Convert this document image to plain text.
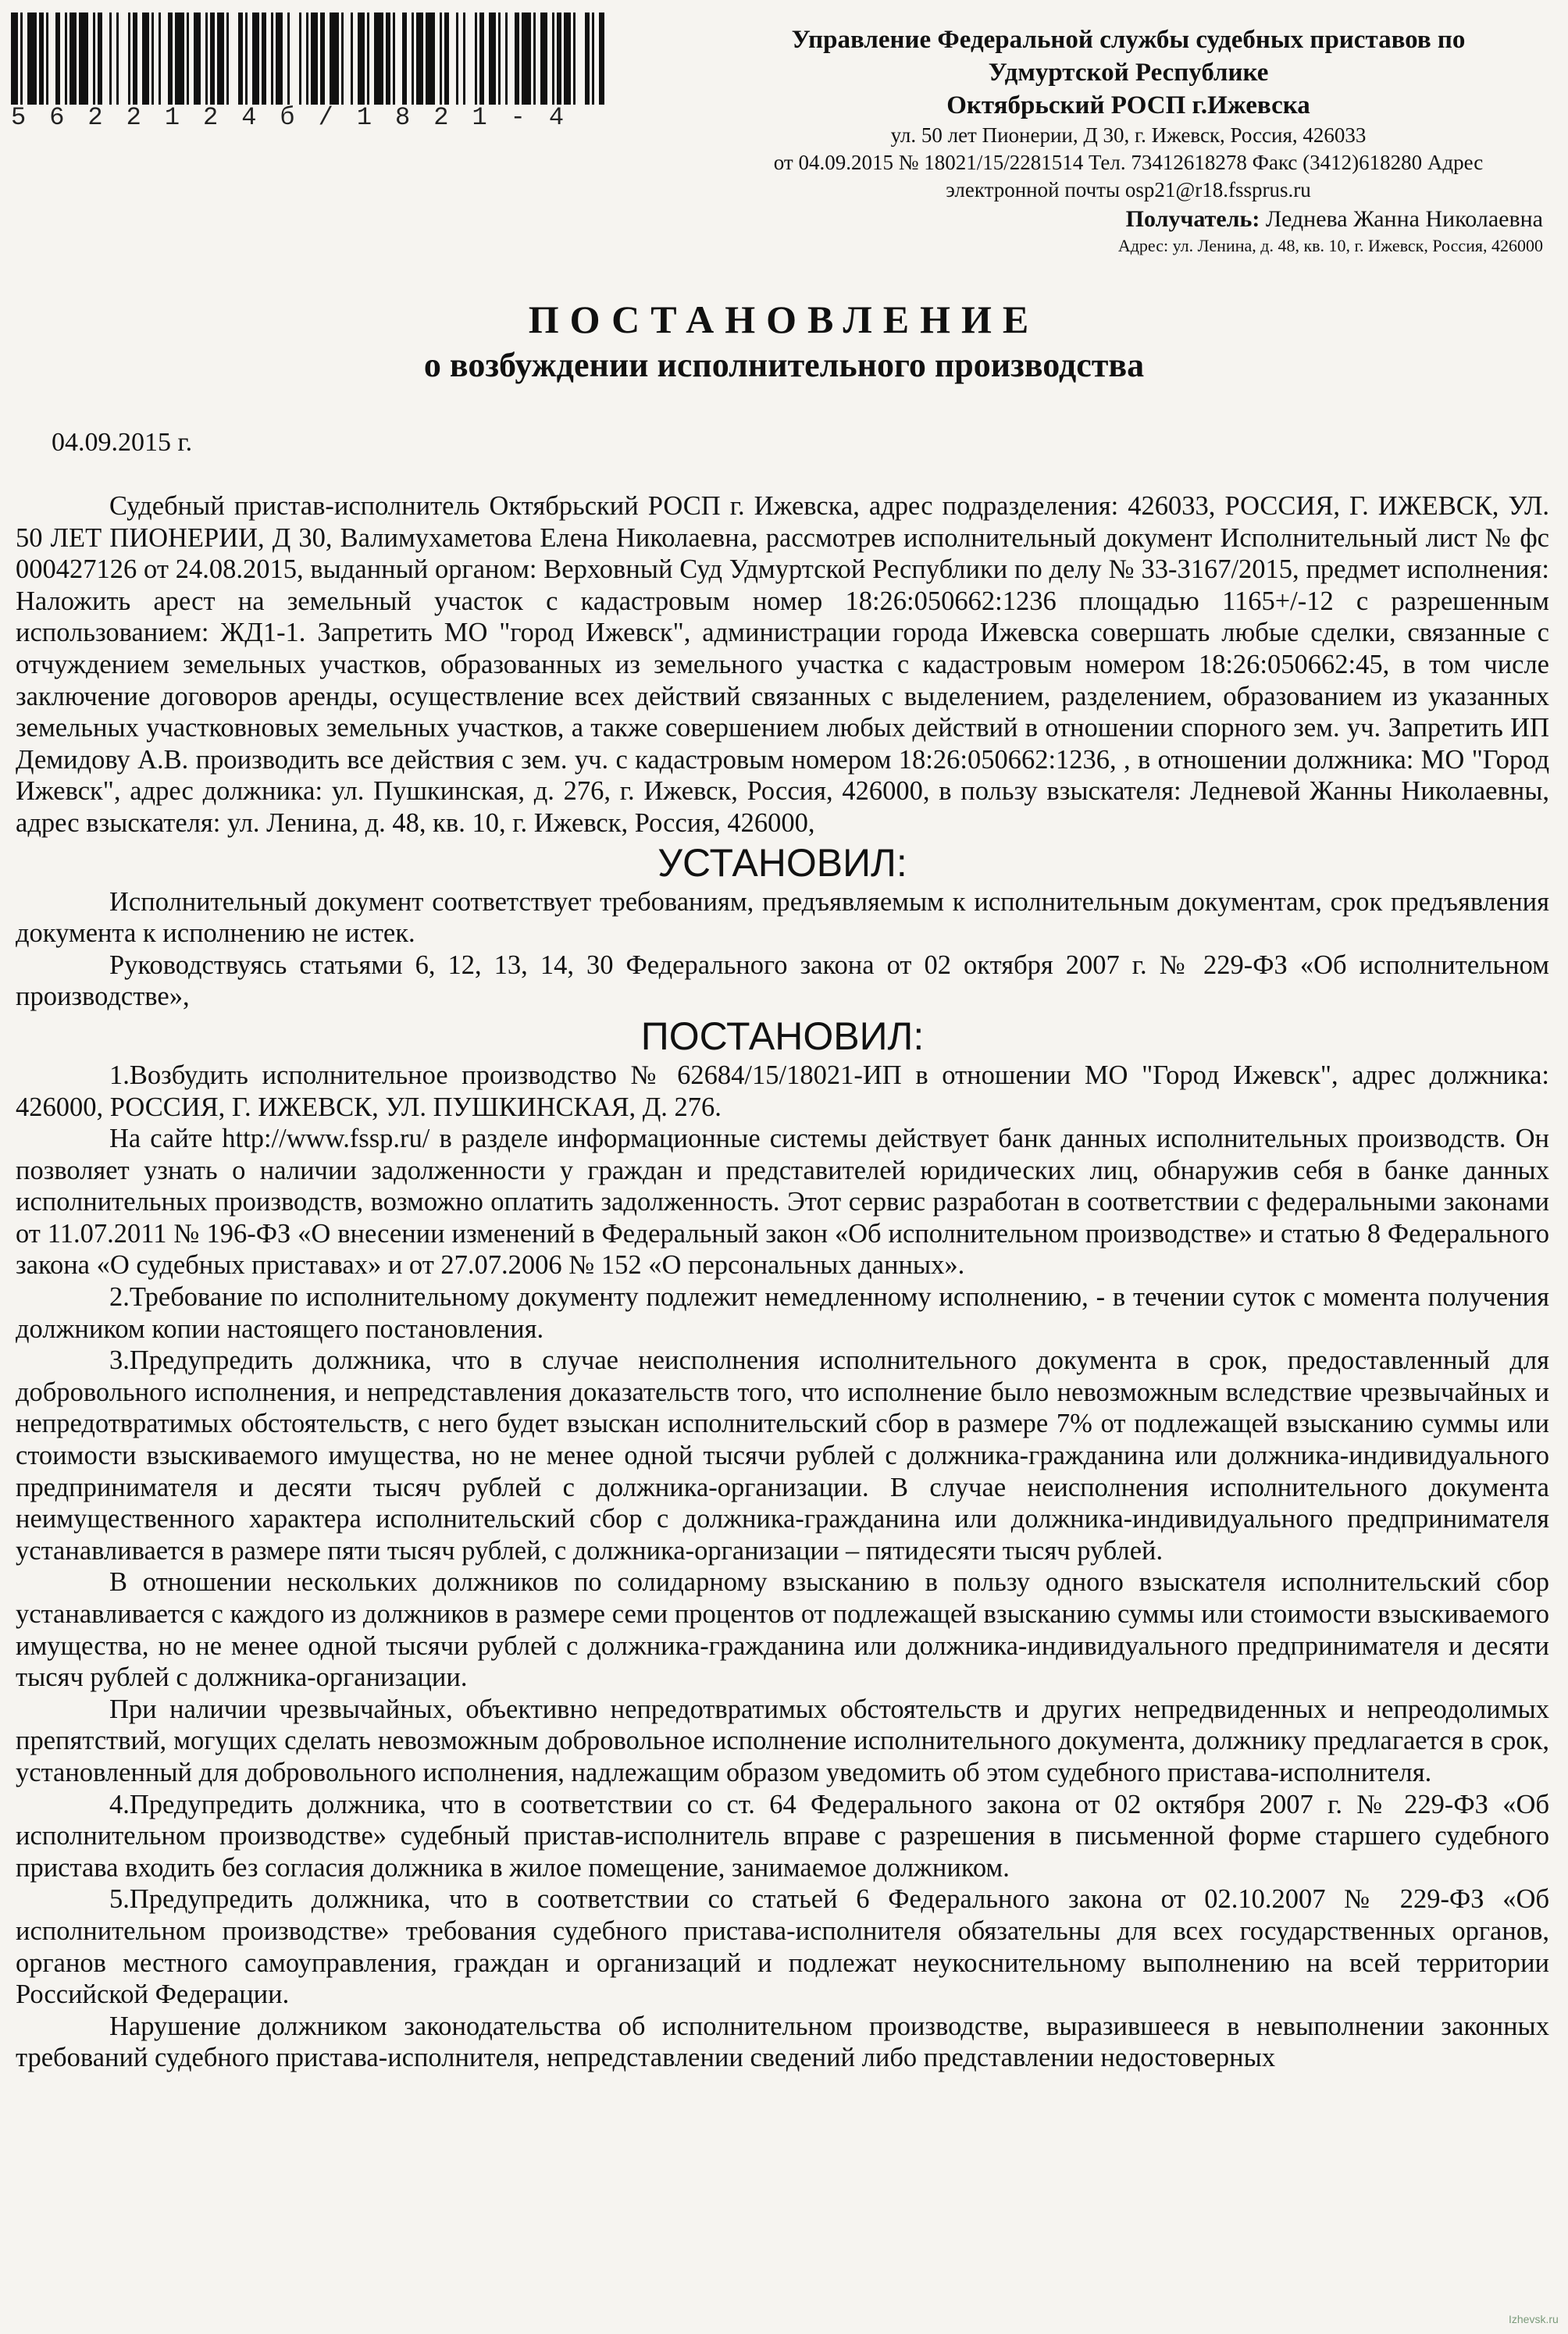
5622124б/1821-4
Управление Федеральной службы судебных приставов по
Удмуртской Республике
Октябрьский РОСП г.Ижевска
ул. 50 лет Пионерии, Д 30, г. Ижевск, Россия, 426033
от 04.09.2015 № 18021/15/2281514 Тел. 73412618278 Факс (3412)618280 Адрес
электронной почты osp21@r18.fssprus.ru
Получатель: Леднева Жанна Николаевна
Адрес: ул. Ленина, д. 48, кв. 10, г. Ижевск, Россия, 426000
ПОСТАНОВЛЕНИЕ
о возбуждении исполнительного производства
04.09.2015 г.

Судебный пристав-исполнитель Октябрьский РОСП г. Ижевска, адрес подразделения: 426033, РОССИЯ, Г. ИЖЕВСК, УЛ. 50 ЛЕТ ПИОНЕРИИ, Д 30, Валимухаметова Елена Николаевна, рассмотрев исполнительный документ Исполнительный лист № фс 000427126 от 24.08.2015, выданный органом: Верховный Суд Удмуртской Республики по делу № 33-3167/2015, предмет исполнения: Наложить арест на земельный участок с кадастровым номер 18:26:050662:1236 площадью 1165+/-12 с разрешенным использованием: ЖД1-1. Запретить МО "город Ижевск", администрации города Ижевска совершать любые сделки, связанные с отчуждением земельных участков, образованных из земельного участка с кадастровым номером 18:26:050662:45, в том числе заключение договоров аренды, осуществление всех действий связанных с выделением, разделением, образованием из указанных земельных участковновых земельных участков, а также совершением любых действий в отношении спорного зем. уч. Запретить ИП Демидову А.В. производить все действия с зем. уч. с кадастровым номером 18:26:050662:1236, , в отношении должника: МО "Город Ижевск", адрес должника: ул. Пушкинская, д. 276, г. Ижевск, Россия, 426000, в пользу взыскателя: Ледневой Жанны Николаевны, адрес взыскателя: ул. Ленина, д. 48, кв. 10, г. Ижевск, Россия, 426000,

УСТАНОВИЛ:

Исполнительный документ соответствует требованиям, предъявляемым к исполнительным документам, срок предъявления документа к исполнению не истек.

Руководствуясь статьями 6, 12, 13, 14, 30 Федерального закона от 02 октября 2007 г. № 229-ФЗ «Об исполнительном производстве»,

ПОСТАНОВИЛ:

1.Возбудить исполнительное производство № 62684/15/18021-ИП в отношении МО "Город Ижевск", адрес должника: 426000, РОССИЯ, Г. ИЖЕВСК, УЛ. ПУШКИНСКАЯ, Д. 276.

На сайте http://www.fssp.ru/ в разделе информационные системы действует банк данных исполнительных производств. Он позволяет узнать о наличии задолженности у граждан и представителей юридических лиц, обнаружив себя в банке данных исполнительных производств, возможно оплатить задолженность. Этот сервис разработан в соответствии с федеральными законами от 11.07.2011 № 196-ФЗ «О внесении изменений в Федеральный закон «Об исполнительном производстве» и статью 8 Федерального закона «О судебных приставах» и от 27.07.2006 № 152 «О персональных данных».

2.Требование по исполнительному документу подлежит немедленному исполнению, - в течении суток с момента получения должником копии настоящего постановления.

3.Предупредить должника, что в случае неисполнения исполнительного документа в срок, предоставленный для добровольного исполнения, и непредставления доказательств того, что исполнение было невозможным вследствие чрезвычайных и непредотвратимых обстоятельств, с него будет взыскан исполнительский сбор в размере 7% от подлежащей взысканию суммы или стоимости взыскиваемого имущества, но не менее одной тысячи рублей с должника-гражданина или должника-индивидуального предпринимателя и десяти тысяч рублей с должника-организации. В случае неисполнения исполнительного документа неимущественного характера исполнительский сбор с должника-гражданина или должника-индивидуального предпринимателя устанавливается в размере пяти тысяч рублей, с должника-организации – пятидесяти тысяч рублей.

В отношении нескольких должников по солидарному взысканию в пользу одного взыскателя исполнительский сбор устанавливается с каждого из должников в размере семи процентов от подлежащей взысканию суммы или стоимости взыскиваемого имущества, но не менее одной тысячи рублей с должника-гражданина или должника-индивидуального предпринимателя и десяти тысяч рублей с должника-организации.

При наличии чрезвычайных, объективно непредотвратимых обстоятельств и других непредвиденных и непреодолимых препятствий, могущих сделать невозможным добровольное исполнение исполнительного документа, должнику предлагается в срок, установленный для добровольного исполнения, надлежащим образом уведомить об этом судебного пристава-исполнителя.

4.Предупредить должника, что в соответствии со ст. 64 Федерального закона от 02 октября 2007 г. № 229-ФЗ «Об исполнительном производстве» судебный пристав-исполнитель вправе с разрешения в письменной форме старшего судебного пристава входить без согласия должника в жилое помещение, занимаемое должником.

5.Предупредить должника, что в соответствии со статьей 6 Федерального закона от 02.10.2007 № 229-ФЗ «Об исполнительном производстве» требования судебного пристава-исполнителя обязательны для всех государственных органов, органов местного самоуправления, граждан и организаций и подлежат неукоснительному выполнению на всей территории Российской Федерации.

Нарушение должником законодательства об исполнительном производстве, выразившееся в невыполнении законных требований судебного пристава-исполнителя, непредставлении сведений либо представлении недостоверных

Izhevsk.ru
